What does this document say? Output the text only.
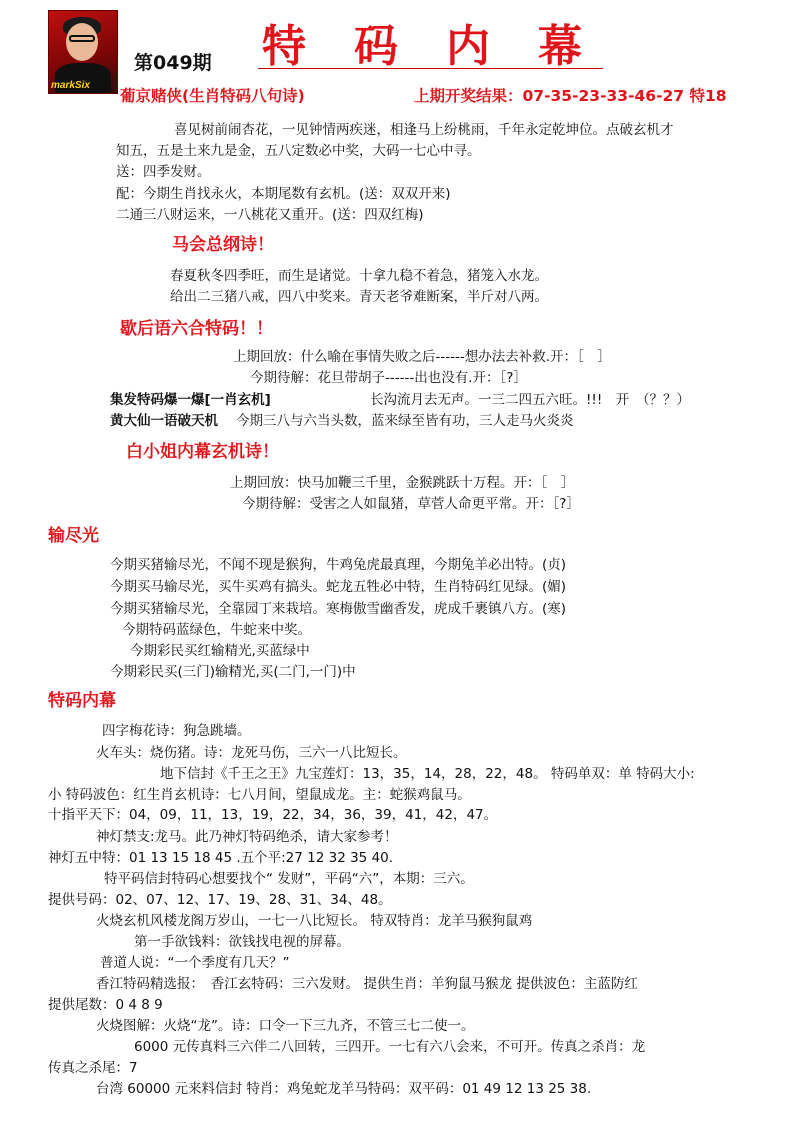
markSix
第049期 特码内幕
葡京赌侠(生肖特码八句诗)	上期开奖结果：07-35-23-33-46-27 特18
喜见树前闹杏花，一见钟情两疾迷，相逢马上纷桃雨，千年永定乾坤位。点破玄机才
知五，五是土来九是金，五八定数必中奖，大码一七心中寻。
送：四季发财。
配：今期生肖找永火，本期尾数有玄机。(送：双双开来)
二通三八财运来，一八桃花又重开。(送：四双红梅)
马会总纲诗！
春夏秋冬四季旺，而生是诸觉。十拿九稳不着急，猪笼入水龙。
给出二三猪八戒，四八中奖来。青天老爷难断案，半斤对八两。
歇后语六合特码！！
上期回放：什么喻在事情失败之后------想办法去补救.开：［　］
今期待解：花旦带胡子------出也没有.开：［?］
集发特码爆一爆[一肖玄机]	长沟流月去无声。一三二四五六旺。!!!　开　（？？）
黄大仙一语破天机 今期三八与六当头数，蓝来绿至皆有功，三人走马火炎炎
白小姐内幕玄机诗！
上期回放：快马加鞭三千里，金猴跳跃十万程。开：［　］
今期待解：受害之人如鼠猪，草菅人命更平常。开：［?］
输尽光
今期买猪输尽光，不闻不现是猴狗，牛鸡兔虎最真理，今期兔羊必出特。(贞)
今期买马输尽光，买牛买鸡有搞头。蛇龙五牲必中特，生肖特码红见绿。(媚)
今期买猪输尽光，全靠园丁来栽培。寒梅傲雪幽香发，虎成千裹镇八方。(寒)
今期特码蓝绿色，牛蛇来中奖。
今期彩民买红输精光,买蓝绿中
今期彩民买(三门)输精光,买(二门,一门)中
特码内幕
四字梅花诗：狗急跳墙。
火车头：烧伤猪。诗：龙死马伤，三六一八比短长。
地下信封《千王之王》九宝莲灯：13，35，14，28，22，48。 特码单双：单 特码大小:
小 特码波色：红生肖玄机诗：七八月间，望鼠成龙。主：蛇猴鸡鼠马。
十指平天下：04，09，11，13，19，22，34，36，39，41，42，47。
神灯禁支:龙马。此乃神灯特码绝杀，请大家参考！
神灯五中特：01 13 15 18 45 .五个平:27 12 32 35 40.
特平码信封特码心想要找个“ 发财”，平码“六”，本期：三六。
提供号码：02、07、12、17、19、28、31、34、48。
火烧玄机风楼龙阁万岁山，一七一八比短长。 特双特肖：龙羊马猴狗鼠鸡
第一手欲钱料：欲钱找电视的屏幕。
普道人说：“一个季度有几天？”
香江特码精选报：　香江玄特码：三六发财。 提供生肖：羊狗鼠马猴龙 提供波色：主蓝防红
提供尾数：0 4 8 9
火烧图解：火烧“龙”。诗：口令一下三九齐，不管三七二使一。
6000 元传真料三六伴二八回转，三四开。一七有六八会来，不可开。传真之杀肖：龙
传真之杀尾：7
台湾 60000 元来料信封 特肖：鸡兔蛇龙羊马特码：双平码：01 49 12 13 25 38.
